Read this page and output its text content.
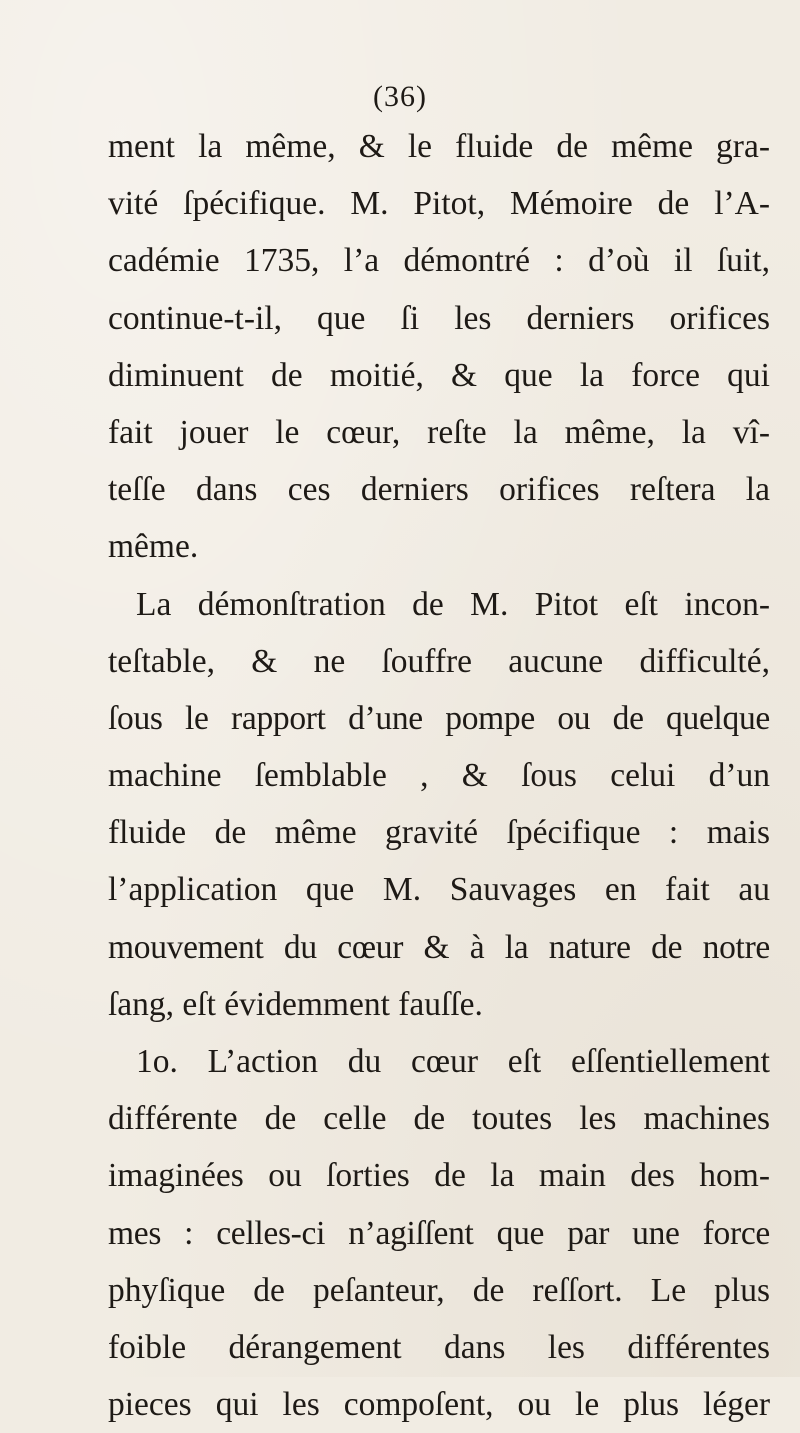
(36)
ment la même, & le fluide de même gra-
vité ſpécifique. M. Pitot, Mémoire de l’A-
cadémie 1735, l’a démontré : d’où il ſuit,
continue-t-il, que ſi les derniers orifices
diminuent de moitié, & que la force qui
fait jouer le cœur, reſte la même, la vî-
teſſe dans ces derniers orifices reſtera la
même.
La démonſtration de M. Pitot eſt incon-
teſtable, & ne ſouffre aucune difficulté,
ſous le rapport d’une pompe ou de quelque
machine ſemblable , & ſous celui d’un
fluide de même gravité ſpécifique : mais
l’application que M. Sauvages en fait au
mouvement du cœur & à la nature de notre
ſang, eſt évidemment fauſſe.
1o. L’action du cœur eſt eſſentiellement
différente de celle de toutes les machines
imaginées ou ſorties de la main des hom-
mes : celles-ci n’agiſſent que par une force
phyſique de peſanteur, de reſſort. Le plus
foible dérangement dans les différentes
pieces qui les compoſent, ou le plus léger
